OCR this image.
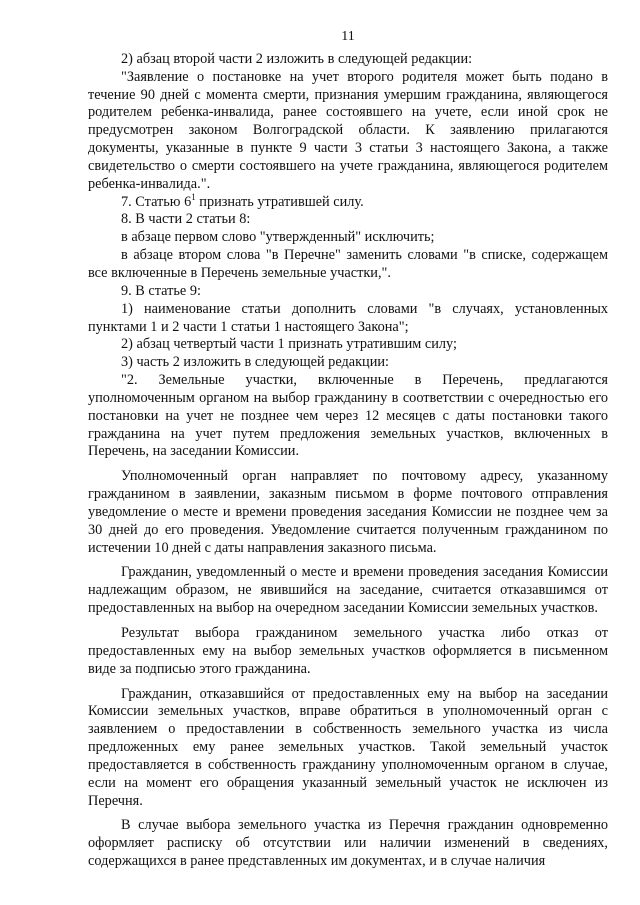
11

2) абзац второй части 2 изложить в следующей редакции:

"Заявление о постановке на учет второго родителя может быть подано в течение 90 дней с момента смерти, признания умершим гражданина, являющегося родителем ребенка-инвалида, ранее состоявшего на учете, если иной срок не предусмотрен законом Волгоградской области. К заявлению прилагаются документы, указанные в пункте 9 части 3 статьи 3 настоящего Закона, а также свидетельство о смерти состоявшего на учете гражданина, являющегося родителем ребенка-инвалида.".

7. Статью $6^1$ признать утратившей силу.

8. В части 2 статьи 8:

в абзаце первом слово "утвержденный" исключить;

в абзаце втором слова "в Перечне" заменить словами "в списке, содержащем все включенные в Перечень земельные участки,".

9. В статье 9:

1) наименование статьи дополнить словами "в случаях, установленных пунктами 1 и 2 части 1 статьи 1 настоящего Закона";

2) абзац четвертый части 1 признать утратившим силу;

3) часть 2 изложить в следующей редакции:

"2. Земельные участки, включенные в Перечень, предлагаются уполномоченным органом на выбор гражданину в соответствии с очередностью его постановки на учет не позднее чем через 12 месяцев с даты постановки такого гражданина на учет путем предложения земельных участков, включенных в Перечень, на заседании Комиссии.

Уполномоченный орган направляет по почтовому адресу, указанному гражданином в заявлении, заказным письмом в форме почтового отправления уведомление о месте и времени проведения заседания Комиссии не позднее чем за 30 дней до его проведения. Уведомление считается полученным гражданином по истечении 10 дней с даты направления заказного письма.

Гражданин, уведомленный о месте и времени проведения заседания Комиссии надлежащим образом, не явившийся на заседание, считается отказавшимся от предоставленных на выбор на очередном заседании Комиссии земельных участков.

Результат выбора гражданином земельного участка либо отказ от предоставленных ему на выбор земельных участков оформляется в письменном виде за подписью этого гражданина.

Гражданин, отказавшийся от предоставленных ему на выбор на заседании Комиссии земельных участков, вправе обратиться в уполномоченный орган с заявлением о предоставлении в собственность земельного участка из числа предложенных ему ранее земельных участков. Такой земельный участок предоставляется в собственность гражданину уполномоченным органом в случае, если на момент его обращения указанный земельный участок не исключен из Перечня.

В случае выбора земельного участка из Перечня гражданин одновременно оформляет расписку об отсутствии или наличии изменений в сведениях, содержащихся в ранее представленных им документах, и в случае наличия
